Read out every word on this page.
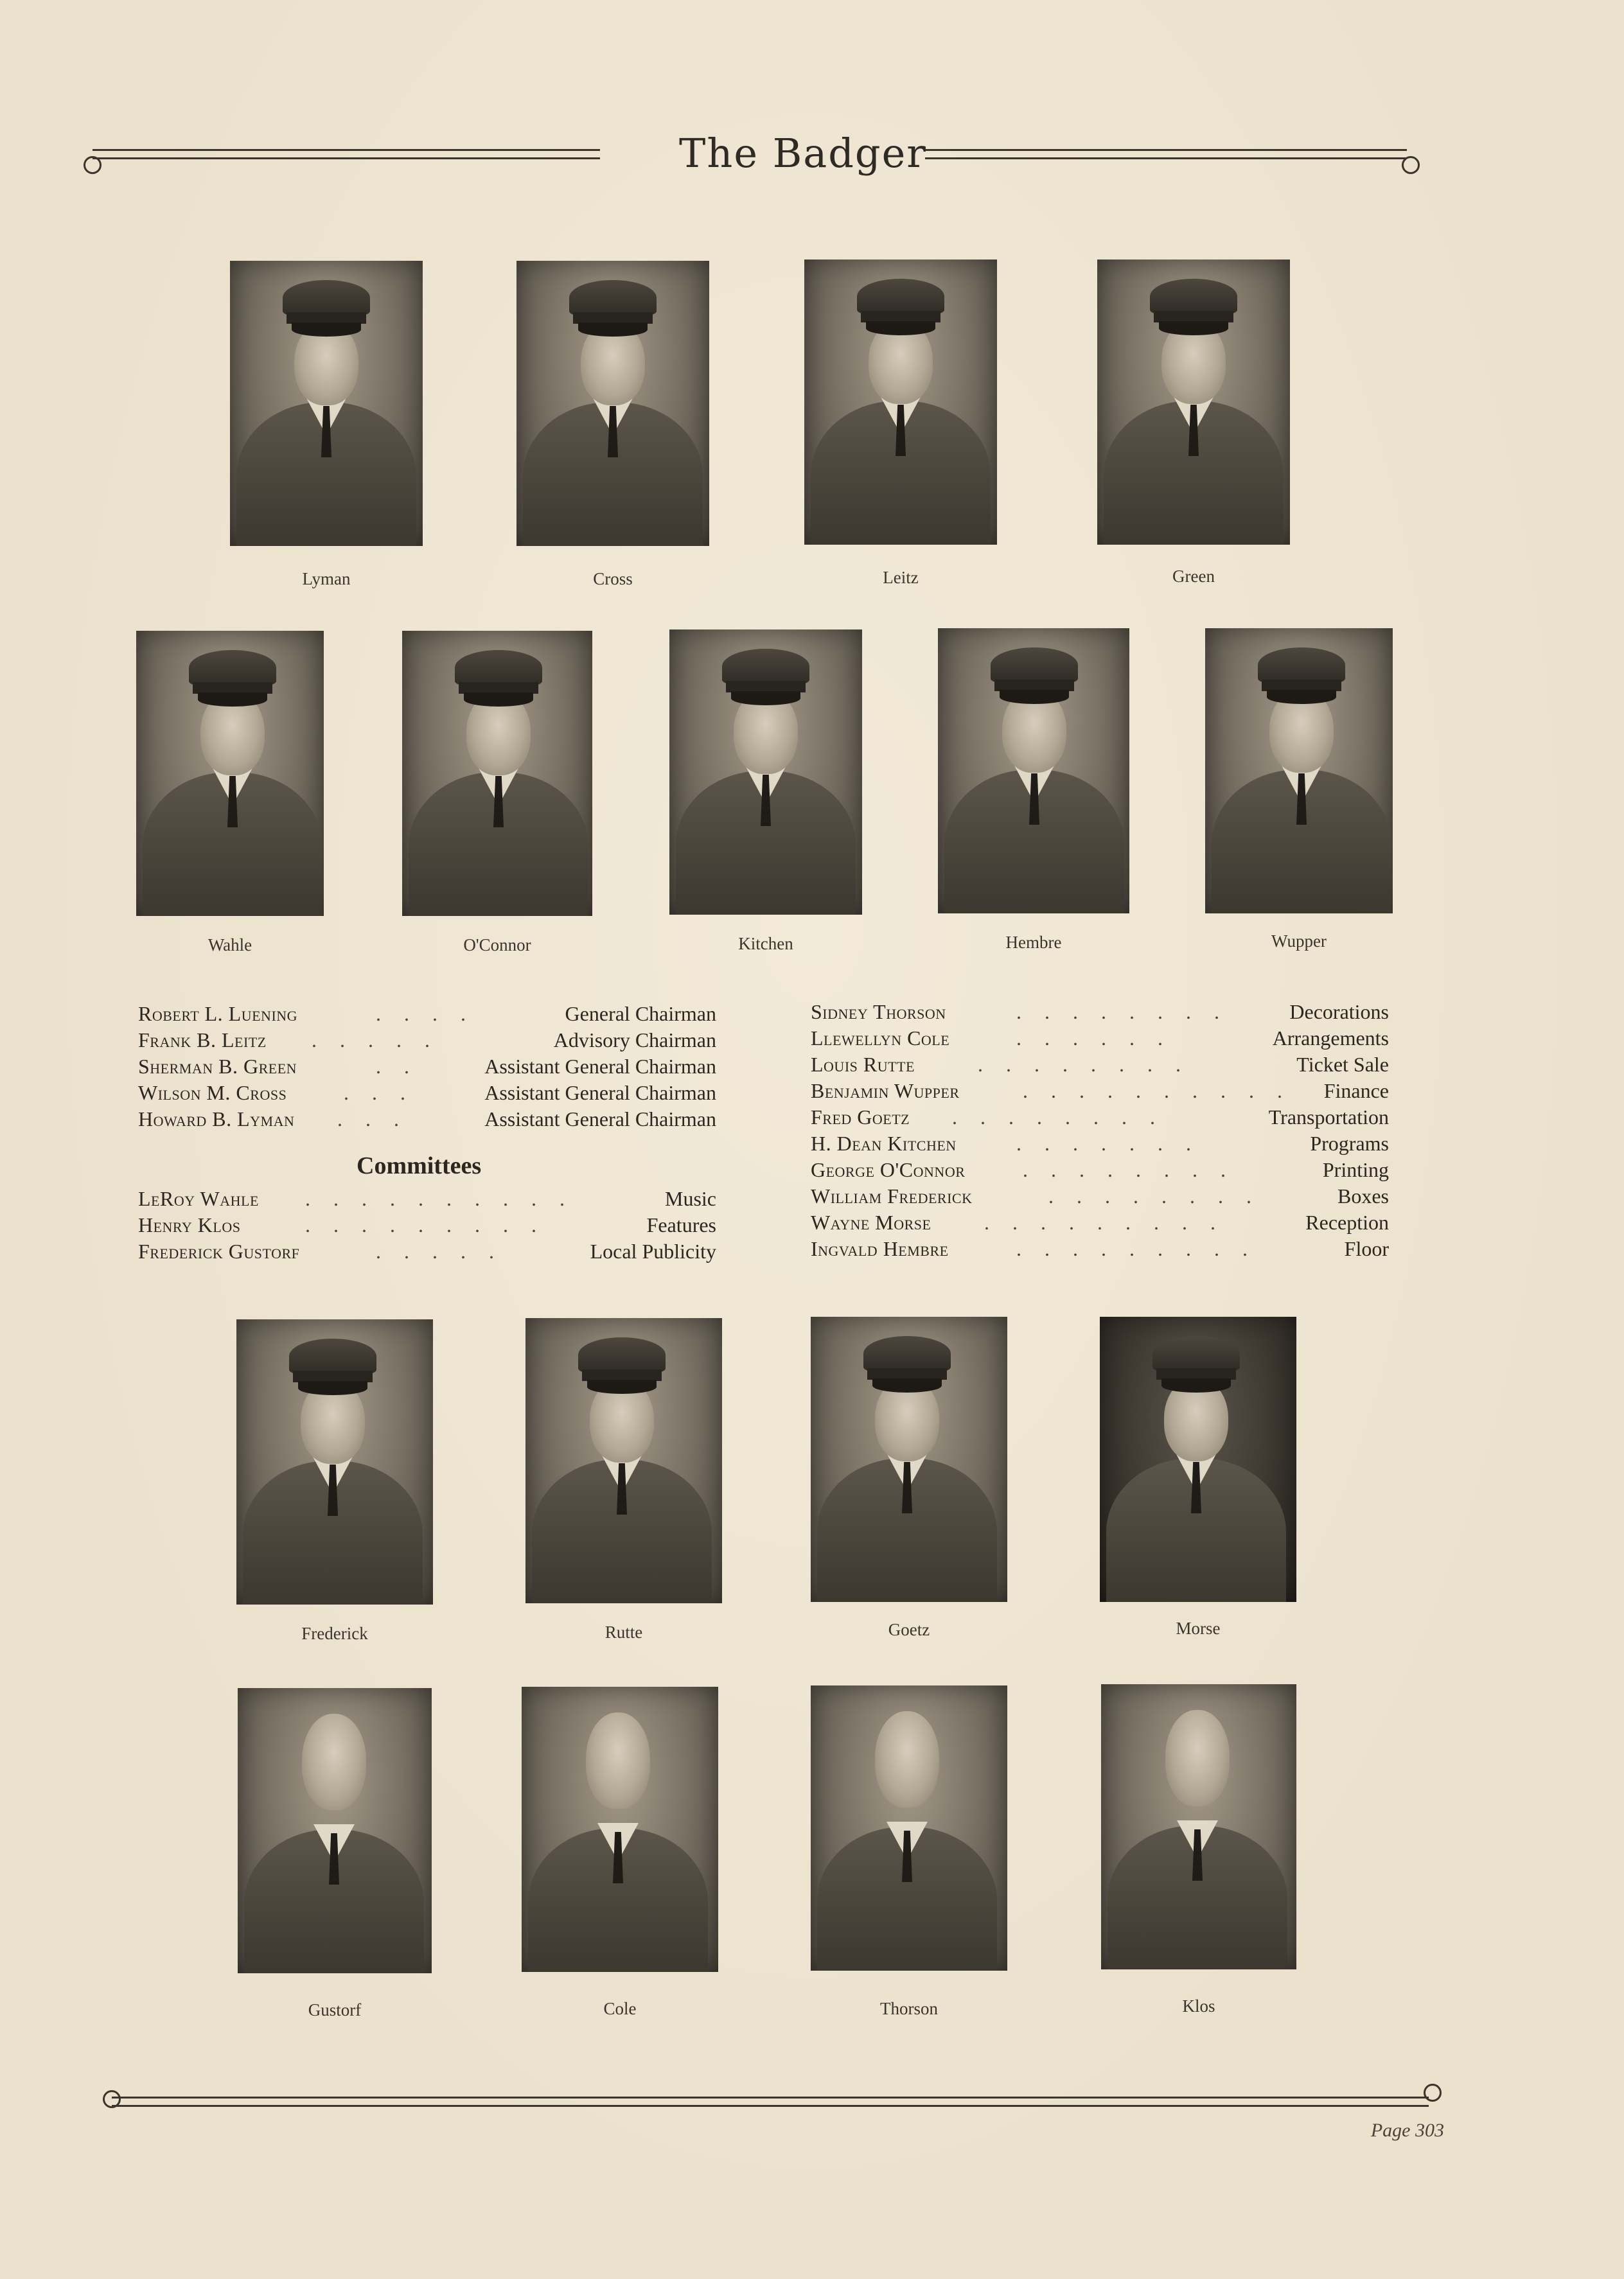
The Badger
Lyman	Cross	Leitz	Green
Wahle	O'Connor	Kitchen	Hembre	Wupper
Robert L. Luening	. . . .	General Chairman
Frank B. Leitz . . . . .	Advisory Chairman
Sherman B. Green	. .	Assistant General Chairman
Wilson M. Cross	. . .	Assistant General Chairman
Howard B. Lyman . . .	Assistant General Chairman
Committees
LeRoy Wahle . . . . . . . . . .	Music
Henry Klos	. . . . . . . . .	Features
Frederick Gustorf	. . . . .	Local Publicity
Sidney Thorson	. . . . . . . .	Decorations
Llewellyn Cole	. . . . . .	Arrangements
Louis Rutte	. . . . . . . .	Ticket Sale
Benjamin Wupper	. . . . . . . . . . Finance
Fred Goetz . . . . . . . .	Transportation
H. Dean Kitchen	. . . . . . .	Programs
George O'Connor	. . . . . . . .	Printing
William Frederick	. . . . . . . .	Boxes
Wayne Morse	. . . . . . . . .	Reception
Ingvald Hembre	. . . . . . . . .	Floor
Frederick	Rutte	Goetz	Morse
Gustorf	Cole	Thorson	Klos
Page 303
